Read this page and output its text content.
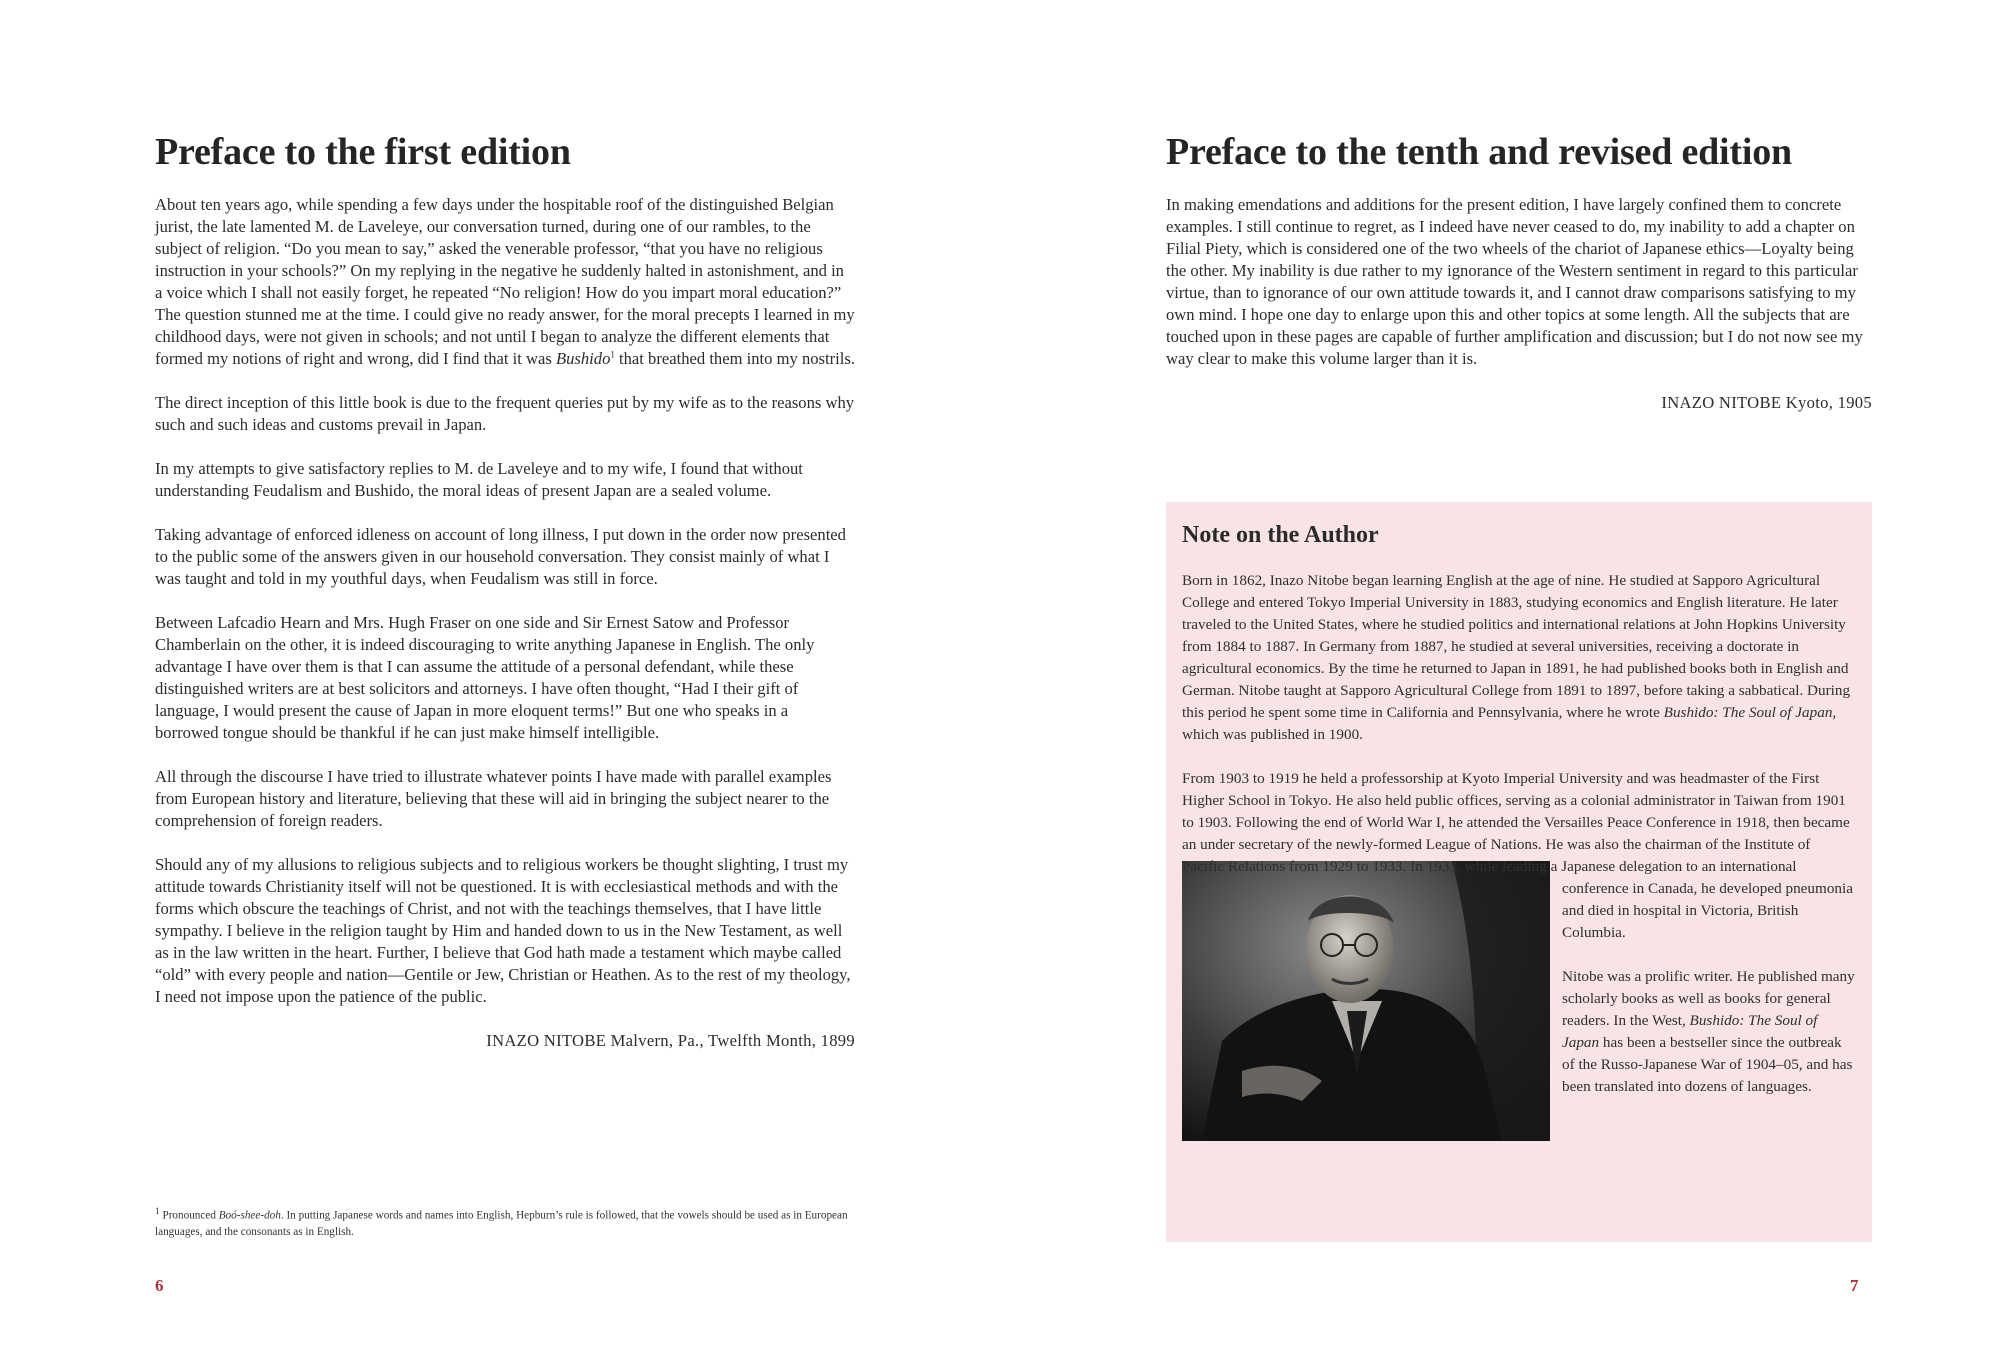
Preface to the first edition

About ten years ago, while spending a few days under the hospitable roof of the distinguished Belgian jurist, the late lamented M. de Laveleye, our conversation turned, during one of our rambles, to the subject of religion. “Do you mean to say,” asked the venerable professor, “that you have no religious instruction in your schools?” On my replying in the negative he suddenly halted in astonishment, and in a voice which I shall not easily forget, he repeated “No religion! How do you impart moral education?” The question stunned me at the time. I could give no ready answer, for the moral precepts I learned in my childhood days, were not given in schools; and not until I began to analyze the different elements that formed my notions of right and wrong, did I find that it was Bushido$^1$ that breathed them into my nostrils.

The direct inception of this little book is due to the frequent queries put by my wife as to the reasons why such and such ideas and customs prevail in Japan.

In my attempts to give satisfactory replies to M. de Laveleye and to my wife, I found that without understanding Feudalism and Bushido, the moral ideas of present Japan are a sealed volume.

Taking advantage of enforced idleness on account of long illness, I put down in the order now presented to the public some of the answers given in our household conversation. They consist mainly of what I was taught and told in my youthful days, when Feudalism was still in force.

Between Lafcadio Hearn and Mrs. Hugh Fraser on one side and Sir Ernest Satow and Professor Chamberlain on the other, it is indeed discouraging to write anything Japanese in English. The only advantage I have over them is that I can assume the attitude of a personal defendant, while these distinguished writers are at best solicitors and attorneys. I have often thought, “Had I their gift of language, I would present the cause of Japan in more eloquent terms!” But one who speaks in a borrowed tongue should be thankful if he can just make himself intelligible.

All through the discourse I have tried to illustrate whatever points I have made with parallel examples from European history and literature, believing that these will aid in bringing the subject nearer to the comprehension of foreign readers.

Should any of my allusions to religious subjects and to religious workers be thought slighting, I trust my attitude towards Christianity itself will not be questioned. It is with ecclesiastical methods and with the forms which obscure the teachings of Christ, and not with the teachings themselves, that I have little sympathy. I believe in the religion taught by Him and handed down to us in the New Testament, as well as in the law written in the heart. Further, I believe that God hath made a testament which maybe called “old” with every people and nation—Gentile or Jew, Christian or Heathen. As to the rest of my theology, I need not impose upon the patience of the public.

INAZO NITOBE Malvern, Pa., Twelfth Month, 1899

$^1$ Pronounced Boó-shee-doh. In putting Japanese words and names into English, Hepburn’s rule is followed, that the vowels should be used as in European languages, and the consonants as in English.

6
Preface to the tenth and revised edition

In making emendations and additions for the present edition, I have largely confined them to concrete examples. I still continue to regret, as I indeed have never ceased to do, my inability to add a chapter on Filial Piety, which is considered one of the two wheels of the chariot of Japanese ethics—Loyalty being the other. My inability is due rather to my ignorance of the Western sentiment in regard to this particular virtue, than to ignorance of our own attitude towards it, and I cannot draw comparisons satisfying to my own mind. I hope one day to enlarge upon this and other topics at some length. All the subjects that are touched upon in these pages are capable of further amplification and discussion; but I do not now see my way clear to make this volume larger than it is.

INAZO NITOBE Kyoto, 1905

Note on the Author

Born in 1862, Inazo Nitobe began learning English at the age of nine. He studied at Sapporo Agricultural College and entered Tokyo Imperial University in 1883, studying economics and English literature. He later traveled to the United States, where he studied politics and international relations at John Hopkins University from 1884 to 1887. In Germany from 1887, he studied at several universities, receiving a doctorate in agricultural economics. By the time he returned to Japan in 1891, he had published books both in English and German. Nitobe taught at Sapporo Agricultural College from 1891 to 1897, before taking a sabbatical. During this period he spent some time in California and Pennsylvania, where he wrote Bushido: The Soul of Japan, which was published in 1900.

From 1903 to 1919 he held a professorship at Kyoto Imperial University and was headmaster of the First Higher School in Tokyo. He also held public offices, serving as a colonial administrator in Taiwan from 1901 to 1903. Following the end of World War I, he attended the Versailles Peace Conference in 1918, then became an under secretary of the newly-formed League of Nations. He was also the chairman of the Institute of Pacific Relations
from 1929 to 1933. In 1933, while leading a Japanese delegation to an international conference in Canada, he developed pneumonia and died in hospital in Victoria, British Columbia.

Nitobe was a prolific writer. He published many scholarly books as well as books for general readers. In the West, Bushido: The Soul of Japan has been a bestseller since the outbreak of the Russo-Japanese War of 1904–05, and has been translated into dozens of languages.

7
